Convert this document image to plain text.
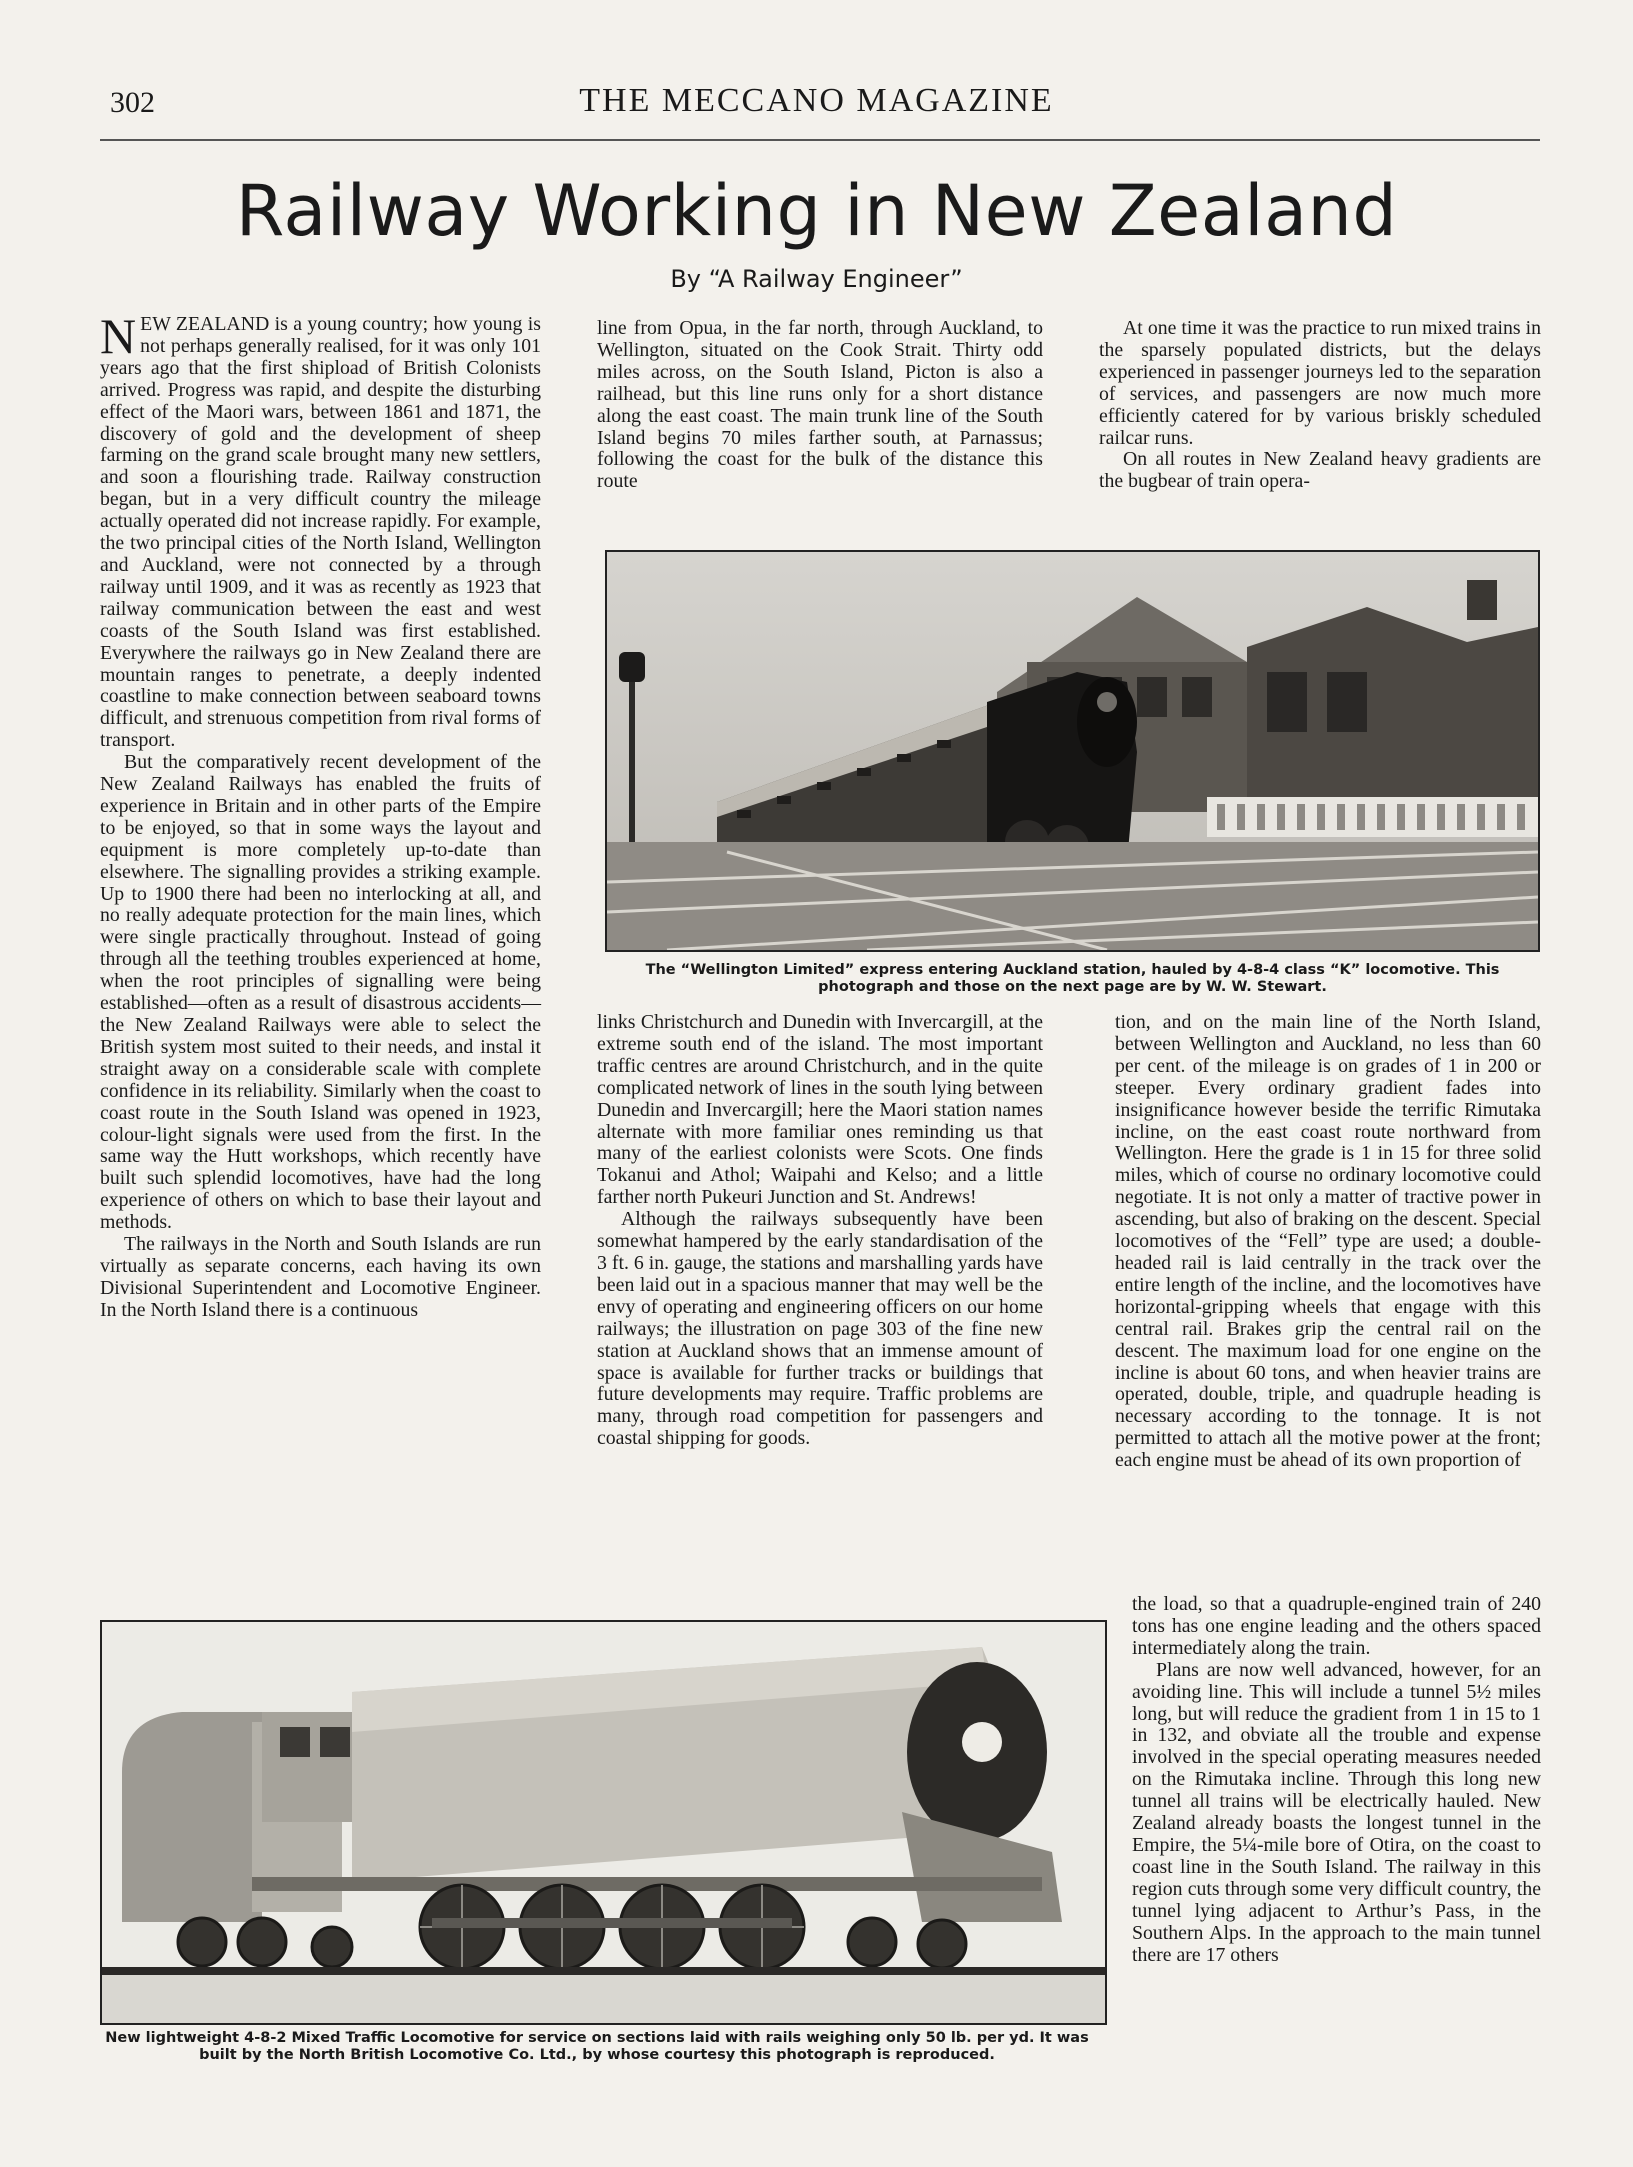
302	THE MECCANO MAGAZINE
Railway Working in New Zealand
By “A Railway Engineer”

NEW ZEALAND is a young country; how young is not perhaps generally realised, for it was only 101 years ago that the first shipload of British Colonists arrived. Progress was rapid, and despite the disturbing effect of the Maori wars, between 1861 and 1871, the discovery of gold and the development of sheep farming on the grand scale brought many new settlers, and soon a flourishing trade. Railway construction began, but in a very difficult country the mileage actually operated did not increase rapidly. For example, the two principal cities of the North Island, Wellington and Auckland, were not connected by a through railway until 1909, and it was as recently as 1923 that railway communication between the east and west coasts of the South Island was first established. Everywhere the railways go in New Zealand there are mountain ranges to penetrate, a deeply indented coastline to make connection between seaboard towns difficult, and strenuous competition from rival forms of transport.

But the comparatively recent development of the New Zealand Railways has enabled the fruits of experience in Britain and in other parts of the Empire to be enjoyed, so that in some ways the layout and equipment is more completely up-to-date than elsewhere. The signalling provides a striking example. Up to 1900 there had been no interlocking at all, and no really adequate protection for the main lines, which were single practically throughout. Instead of going through all the teething troubles experienced at home, when the root principles of signalling were being established—often as a result of disastrous accidents—the New Zealand Railways were able to select the British system most suited to their needs, and instal it straight away on a considerable scale with complete confidence in its reliability. Similarly when the coast to coast route in the South Island was opened in 1923, colour-light signals were used from the first. In the same way the Hutt workshops, which recently have built such splendid locomotives, have had the long experience of others on which to base their layout and methods.

The railways in the North and South Islands are run virtually as separate concerns, each having its own Divisional Superintendent and Locomotive Engineer. In the North Island there is a continuous

line from Opua, in the far north, through Auckland, to Wellington, situated on the Cook Strait. Thirty odd miles across, on the South Island, Picton is also a railhead, but this line runs only for a short distance along the east coast. The main trunk line of the South Island begins 70 miles farther south, at Parnassus; following the coast for the bulk of the distance this route

At one time it was the practice to run mixed trains in the sparsely populated districts, but the delays experienced in passenger journeys led to the separation of services, and passengers are now much more efficiently catered for by various briskly scheduled railcar runs.

On all routes in New Zealand heavy gradients are the bugbear of train opera-

The “Wellington Limited” express entering Auckland station, hauled by 4-8-4 class “K” locomotive. This photograph and those on the next page are by W. W. Stewart.

links Christchurch and Dunedin with Invercargill, at the extreme south end of the island. The most important traffic centres are around Christchurch, and in the quite complicated network of lines in the south lying between Dunedin and Invercargill; here the Maori station names alternate with more familiar ones reminding us that many of the earliest colonists were Scots. One finds Tokanui and Athol; Waipahi and Kelso; and a little farther north Pukeuri Junction and St. Andrews!

Although the railways subsequently have been somewhat hampered by the early standardisation of the 3 ft. 6 in. gauge, the stations and marshalling yards have been laid out in a spacious manner that may well be the envy of operating and engineering officers on our home railways; the illustration on page 303 of the fine new station at Auckland shows that an immense amount of space is available for further tracks or buildings that future developments may require. Traffic problems are many, through road competition for passengers and coastal shipping for goods.

tion, and on the main line of the North Island, between Wellington and Auckland, no less than 60 per cent. of the mileage is on grades of 1 in 200 or steeper. Every ordinary gradient fades into insignificance however beside the terrific Rimutaka incline, on the east coast route northward from Wellington. Here the grade is 1 in 15 for three solid miles, which of course no ordinary locomotive could negotiate. It is not only a matter of tractive power in ascending, but also of braking on the descent. Special locomotives of the “Fell” type are used; a double-headed rail is laid centrally in the track over the entire length of the incline, and the locomotives have horizontal-gripping wheels that engage with this central rail. Brakes grip the central rail on the descent. The maximum load for one engine on the incline is about 60 tons, and when heavier trains are operated, double, triple, and quadruple heading is necessary according to the tonnage. It is not permitted to attach all the motive power at the front; each engine must be ahead of its own proportion of

the load, so that a quadruple-engined train of 240 tons has one engine leading and the others spaced intermediately along the train.

Plans are now well advanced, however, for an avoiding line. This will include a tunnel 5½ miles long, but will reduce the gradient from 1 in 15 to 1 in 132, and obviate all the trouble and expense involved in the special operating measures needed on the Rimutaka incline. Through this long new tunnel all trains will be electrically hauled. New Zealand already boasts the longest tunnel in the Empire, the 5¼-mile bore of Otira, on the coast to coast line in the South Island. The railway in this region cuts through some very difficult country, the tunnel lying adjacent to Arthur’s Pass, in the Southern Alps. In the approach to the main tunnel there are 17 others

New lightweight 4-8-2 Mixed Traffic Locomotive for service on sections laid with rails weighing only 50 lb. per yd. It was built by the North British Locomotive Co. Ltd., by whose courtesy this photograph is reproduced.
